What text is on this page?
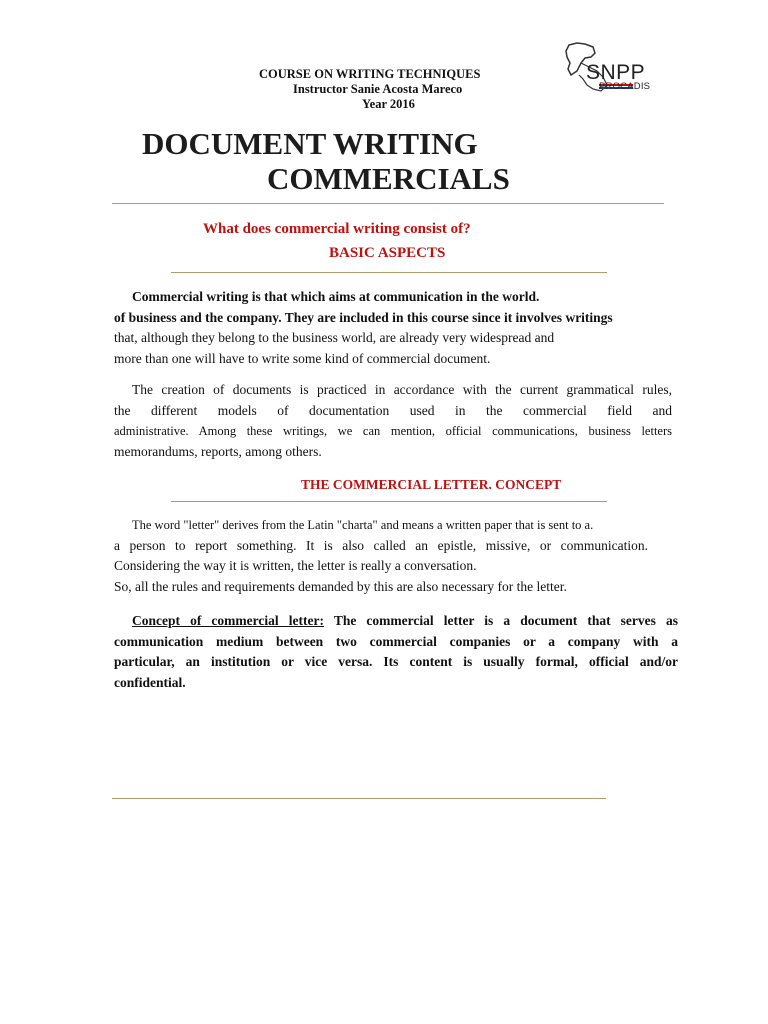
COURSE ON WRITING TECHNIQUES
Instructor Sanie Acosta Mareco
Year 2016
SNPP
PROCADIS
DOCUMENT WRITING
COMMERCIALS
What does commercial writing consist of?
BASIC ASPECTS
Commercial writing is that which aims at communication in the world.
of business and the company. They are included in this course since it involves writings
that, although they belong to the business world, are already very widespread and
more than one will have to write some kind of commercial document.
The creation of documents is practiced in accordance with the current grammatical rules,
the different models of documentation used in the commercial field and
administrative. Among these writings, we can mention, official communications, business letters
memorandums, reports, among others.
THE COMMERCIAL LETTER. CONCEPT
The word "letter" derives from the Latin "charta" and means a written paper that is sent to a.
a person to report something. It is also called an epistle, missive, or communication.
Considering the way it is written, the letter is really a conversation.
So, all the rules and requirements demanded by this are also necessary for the letter.
Concept of commercial letter: The commercial letter is a document that serves as
communication medium between two commercial companies or a company with a
particular, an institution or vice versa. Its content is usually formal, official and/or
confidential.
